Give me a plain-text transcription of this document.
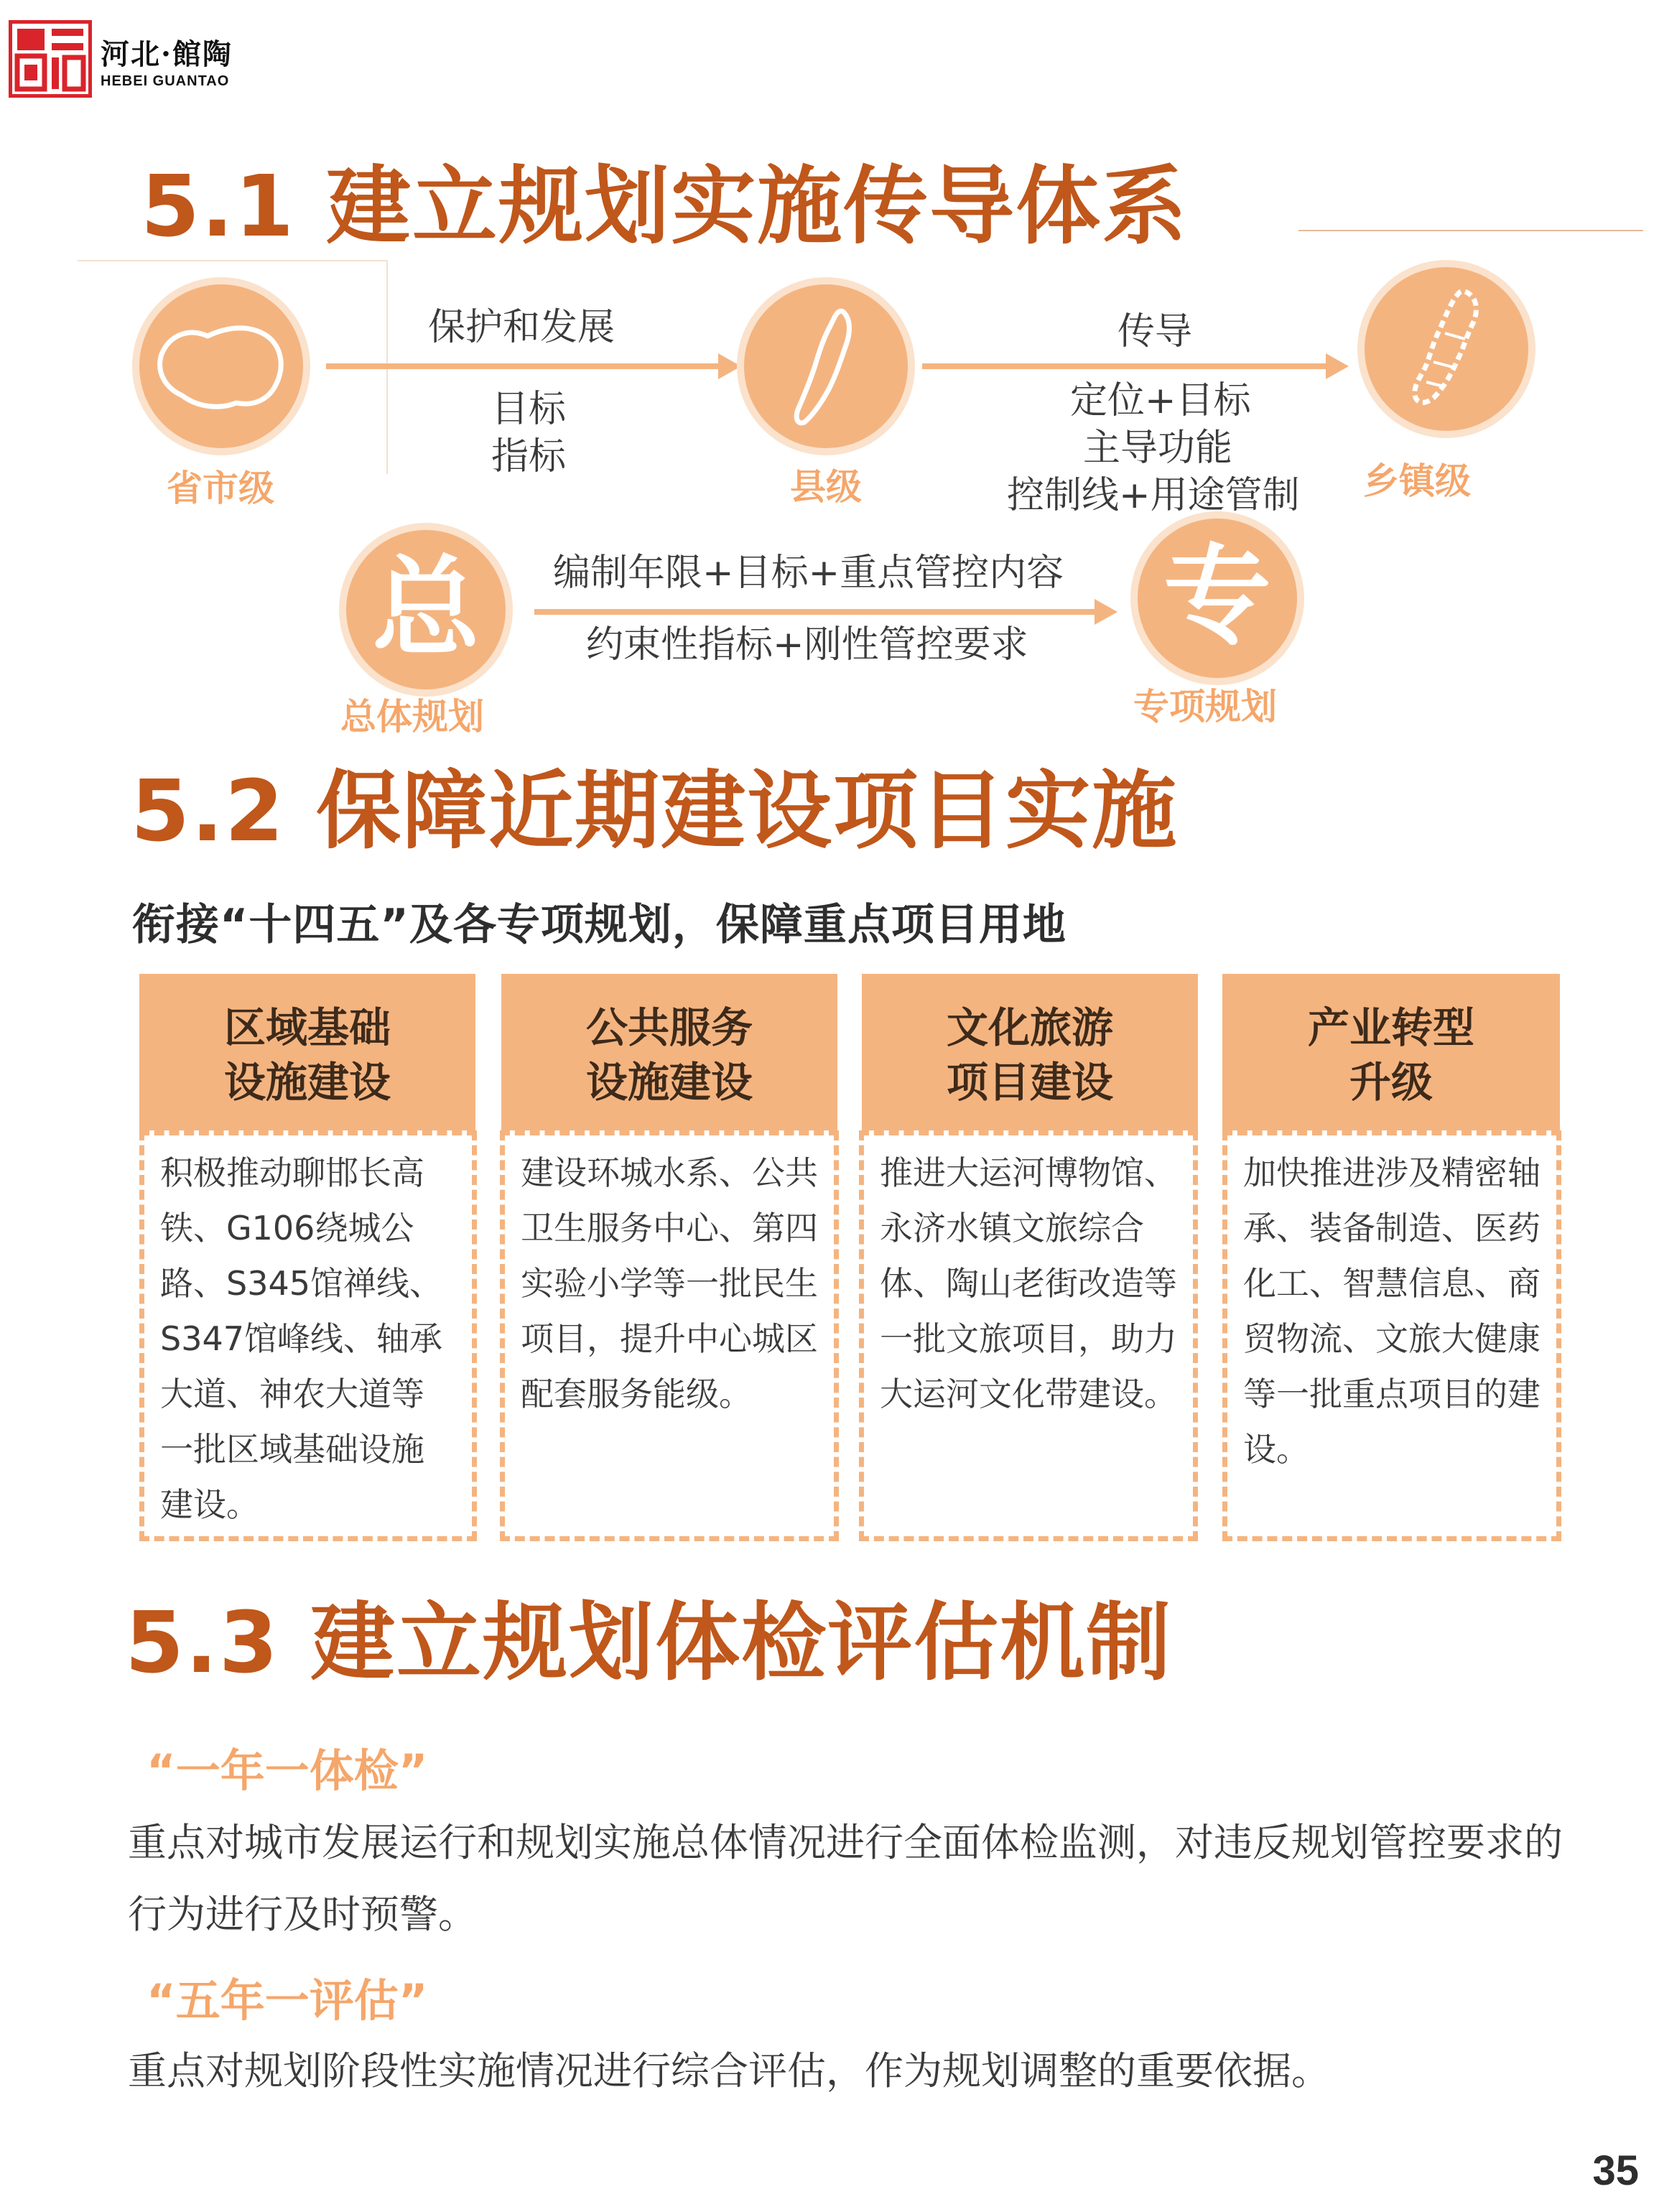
河北·館陶
HEBEI GUANTAO
5.1 建立规划实施传导体系
省市级
保护和发展
目标
指标
县级
传导
定位+目标
主导功能
控制线+用途管制 乡镇级
总
总体规划
编制年限+目标+重点管控内容
约束性指标+刚性管控要求 专
专项规划
5.2 保障近期建设项目实施
衔接“十四五”及各专项规划，保障重点项目用地
区域基础
设施建设
积极推动聊邯长高铁、G106绕城公路、S345馆禅线、S347馆峰线、轴承大道、神农大道等一批区域基础设施建设。
公共服务
设施建设
建设环城水系、公共卫生服务中心、第四实验小学等一批民生项目，提升中心城区配套服务能级。
文化旅游
项目建设
推进大运河博物馆、永济水镇文旅综合体、陶山老街改造等一批文旅项目，助力大运河文化带建设。
产业转型
升级
加快推进涉及精密轴承、装备制造、医药化工、智慧信息、商贸物流、文旅大健康等一批重点项目的建设。
5.3 建立规划体检评估机制
“一年一体检”
重点对城市发展运行和规划实施总体情况进行全面体检监测，对违反规划管控要求的行为进行及时预警。
“五年一评估”
重点对规划阶段性实施情况进行综合评估，作为规划调整的重要依据。
35
